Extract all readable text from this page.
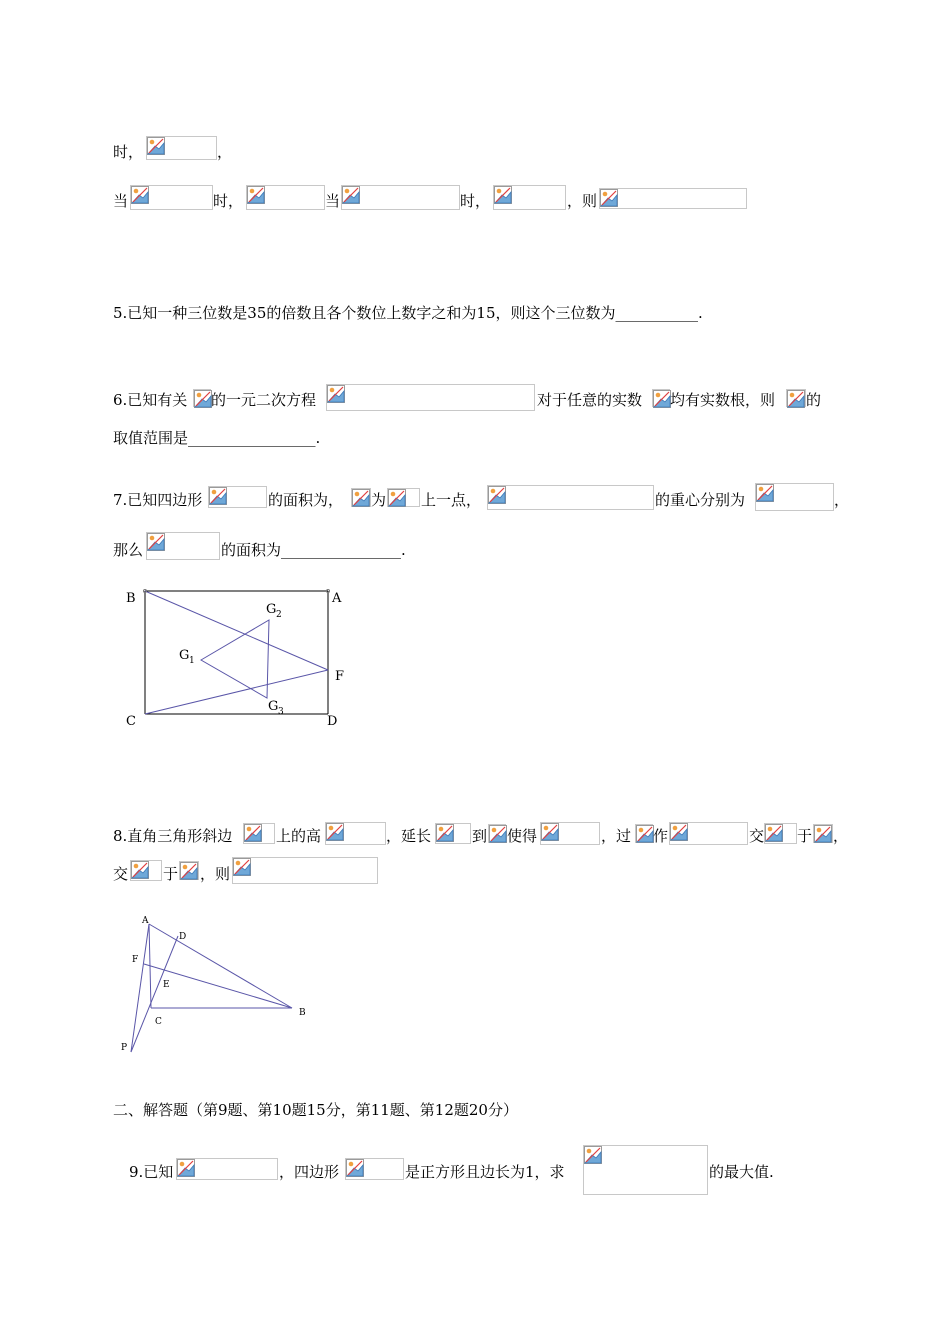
时，	，
当	时，	当	时，	，则
5.已知一种三位数是35的倍数且各个数位上数字之和为15，则这个三位数为___________.
6.已知有关 的一元二次方程	对于任意的实数 均有实数根，则 的
取值范围是_________________.
7.已知四边形	的面积为， 为 上一点，	的重心分别为	，
那么	的面积为________________.
B	A
C	D
F
G 1
G 2
G 3
8.直角三角形斜边	上的高	，延长	到 使得	，过 作	交 于 ，
交 于 ，则
A
D
F
E
B
C
P
二、解答题（第9题、第10题15分，第11题、第12题20分）
9.已知	，四边形	是正方形且边长为1，求	的最大值.
